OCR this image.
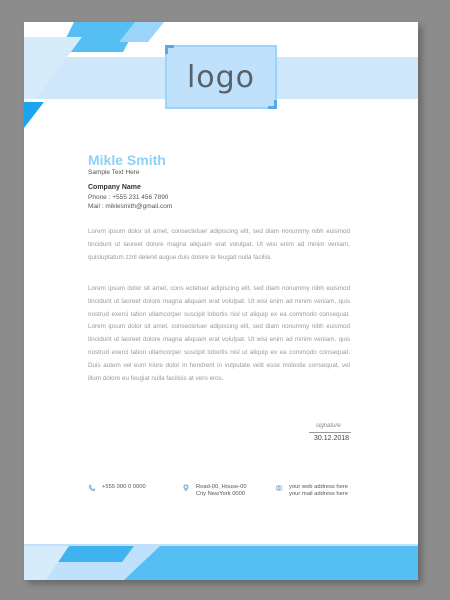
logo
Mikle Smith
Sample Text Here
Company Name
Phone : +555 231 456 7890
Mail : miklesmith@gmail.com

Lorem ipsum dolor sit amet, consectetuer adipiscing elit, sed diam nonummy nibh euismod tincidunt ut laoreet dolore magna aliquam erat volutpat. Ut wisi enim ad minim veniam, quisluptatum zzril delenit augue duis dolore te feugait nulla facilisi.

Lorem ipsum dolor sit amet, cons ectetuer adipiscing elit, sed diam nonummy nibh euismod tincidunt ut laoreet dolore magna aliquam erat volutpat. Ut wisi enim ad minim veniam, quis nostrud exerci tation ullamcorper suscipit lobortis nisl ut aliquip ex ea commodo consequat. Lorem ipsum dolor sit amet, consectetuer adipiscing elit, sed diam nonummy nibh euismod tincidunt ut laoreet dolore magna aliquam erat volutpat. Ut wisi enim ad minim veniam, quis nostrud exerci tation ullamcorper suscipit lobortis nisl ut aliquip ex ea commodo consequat. Duis autem vel eum iriure dolor in hendrerit in vulputate velit esse molestie consequat, vel illum dolore eu feugiat nulla facilisis at vero eros.

signature
30.12.2018
+555 000 0 0000	Road-00, House-00
City NewYork 0000
your web address here
your mail address here
